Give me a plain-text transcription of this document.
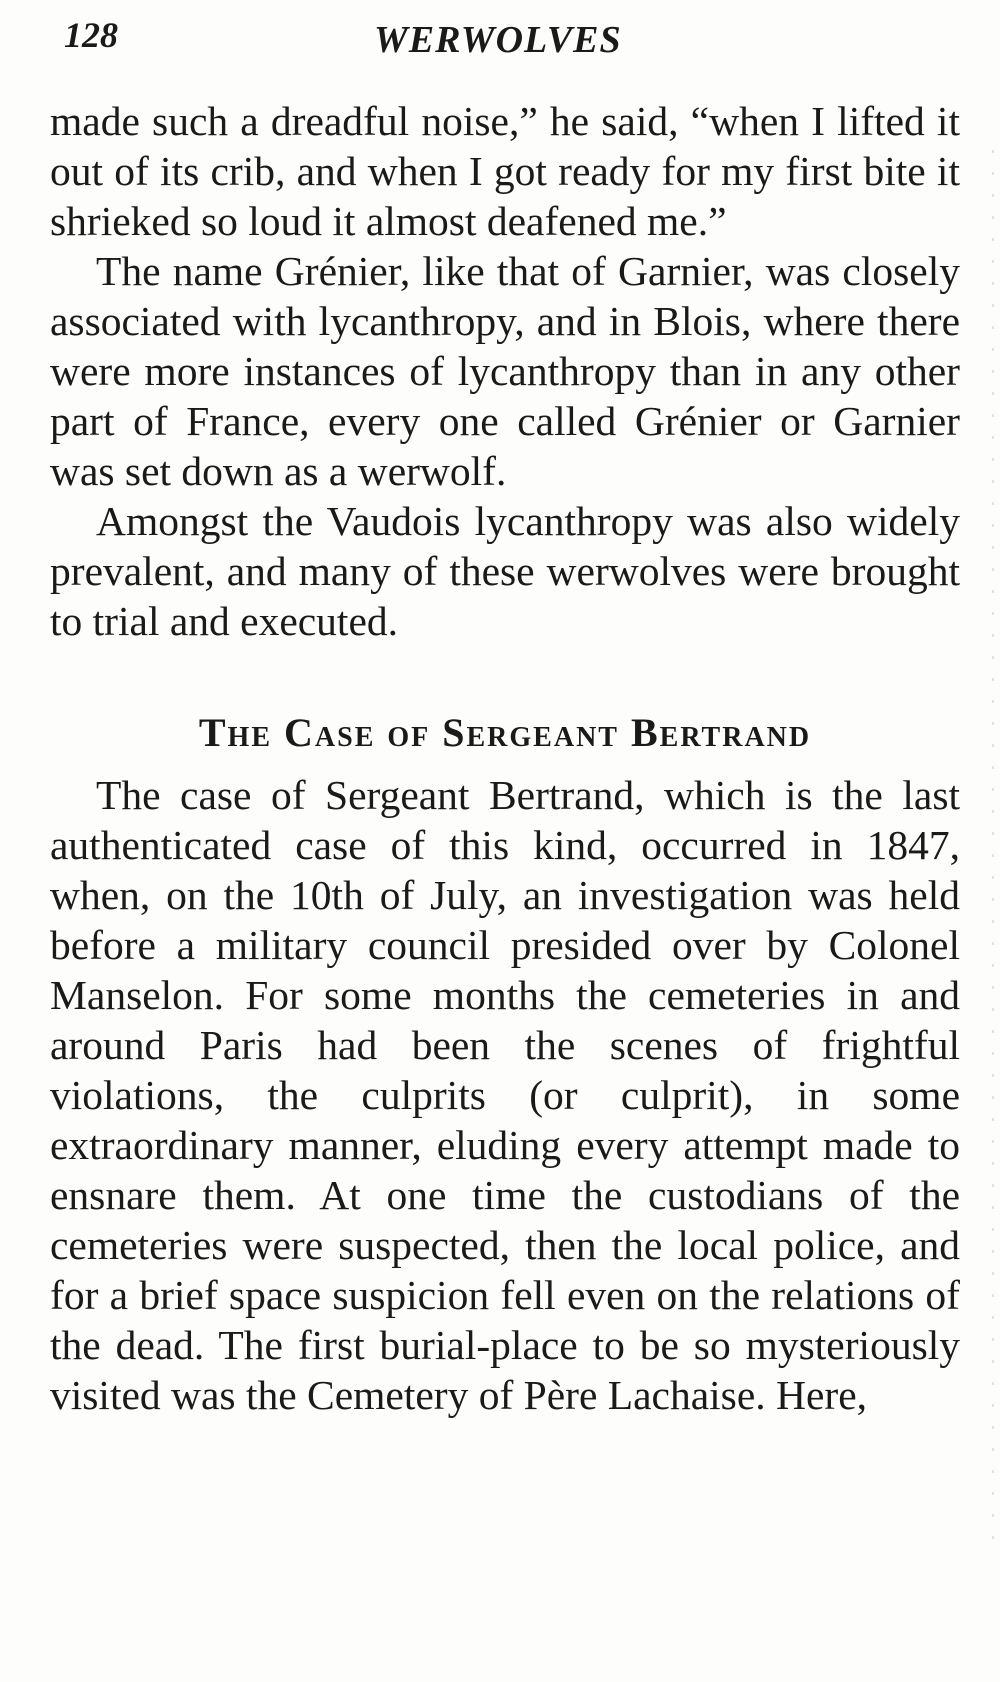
128	WERWOLVES

made such a dreadful noise,” he said, “when I lifted it out of its crib, and when I got ready for my first bite it shrieked so loud it almost deafened me.”

The name Grénier, like that of Garnier, was closely associated with lycanthropy, and in Blois, where there were more instances of lycanthropy than in any other part of France, every one called Grénier or Garnier was set down as a werwolf.

Amongst the Vaudois lycanthropy was also widely prevalent, and many of these werwolves were brought to trial and executed.

The Case of Sergeant Bertrand

The case of Sergeant Bertrand, which is the last authenticated case of this kind, occurred in 1847, when, on the 10th of July, an investigation was held before a military council presided over by Colonel Manselon. For some months the cemeteries in and around Paris had been the scenes of frightful violations, the culprits (or culprit), in some extraordinary manner, eluding every attempt made to ensnare them. At one time the custodians of the cemeteries were suspected, then the local police, and for a brief space suspicion fell even on the relations of the dead. The first burial-place to be so mysteriously visited was the Cemetery of Père Lachaise. Here,
